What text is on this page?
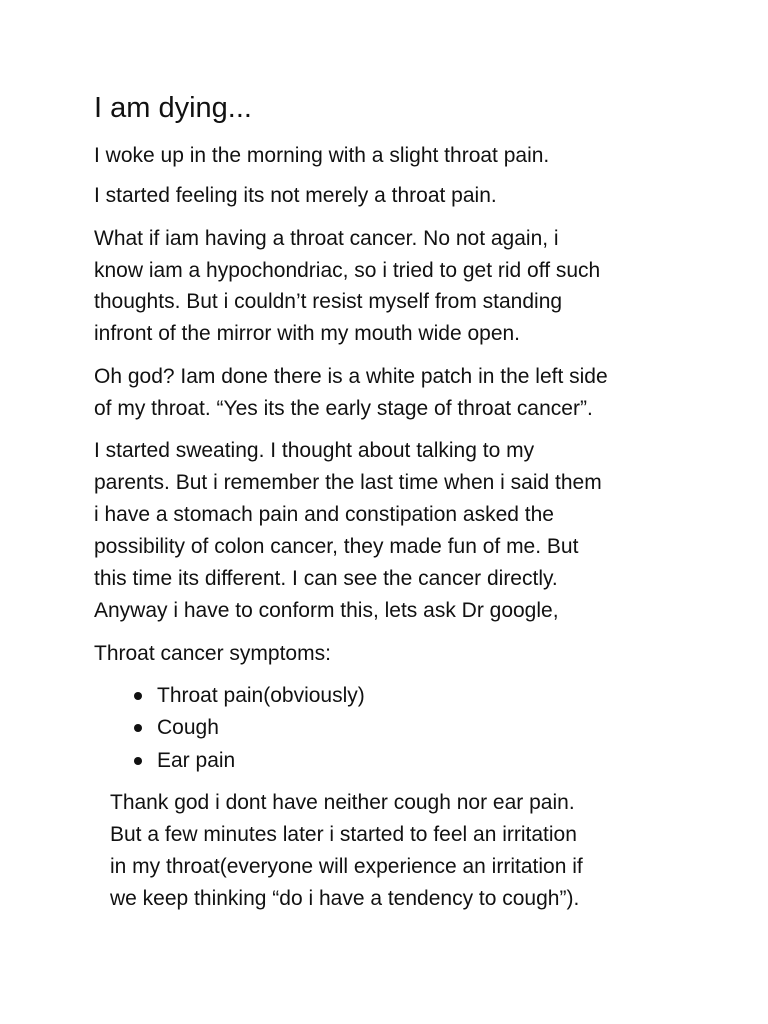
I am dying...

I woke up in the morning with a slight throat pain.

I started feeling its not merely a throat pain.

What if iam having a throat cancer. No not again, i

know iam a hypochondriac, so i tried to get rid off such

thoughts. But i couldn’t resist myself from standing

infront of the mirror with my mouth wide open.

Oh god? Iam done there is a white patch in the left side

of my throat. “Yes its the early stage of throat cancer”.

I started sweating. I thought about talking to my

parents. But i remember the last time when i said them

i have a stomach pain and constipation asked the

possibility of colon cancer, they made fun of me. But

this time its different. I can see the cancer directly.

Anyway i have to conform this, lets ask Dr google,

Throat cancer symptoms:

Throat pain(obviously)
Cough
Ear pain

Thank god i dont have neither cough nor ear pain.

But a few minutes later i started to feel an irritation

in my throat(everyone will experience an irritation if

we keep thinking “do i have a tendency to cough”).
